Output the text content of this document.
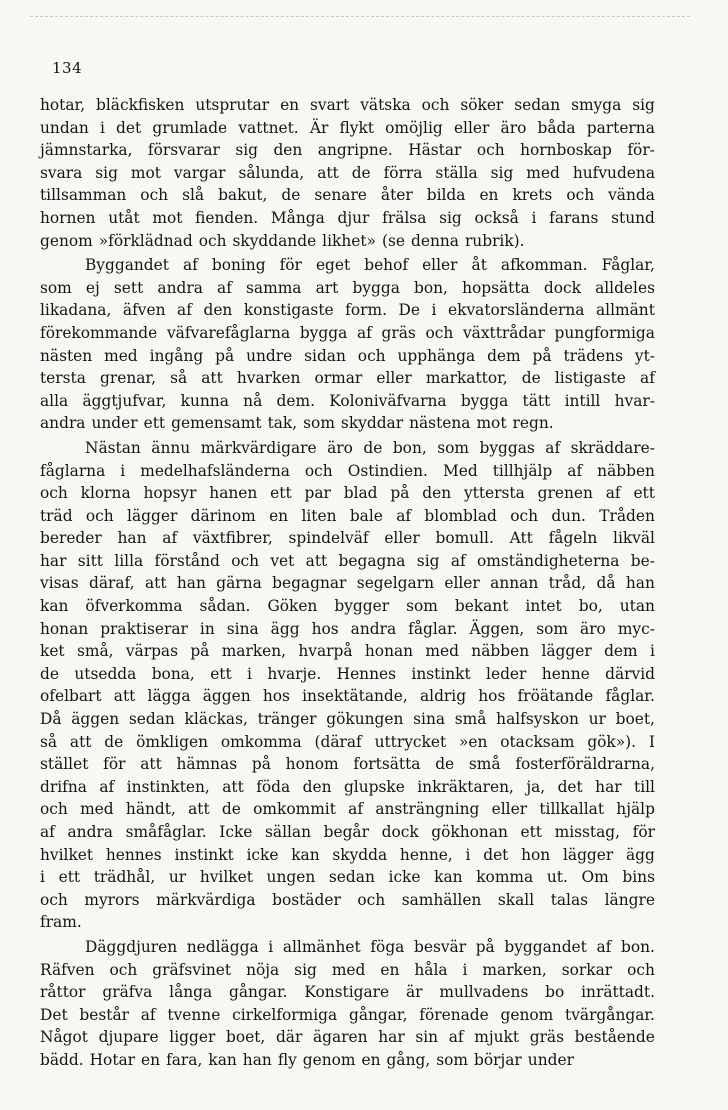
134
hotar, bläckfisken utsprutar en svart vätska och söker sedan smyga sig
undan i det grumlade vattnet. Är flykt omöjlig eller äro båda parterna
jämnstarka, försvarar sig den angripne. Hästar och hornboskap för-
svara sig mot vargar sålunda, att de förra ställa sig med hufvudena
tillsamman och slå bakut, de senare åter bilda en krets och vända
hornen utåt mot fienden. Många djur frälsa sig också i farans stund
genom »förklädnad och skyddande likhet» (se denna rubrik).
Byggandet af boning för eget behof eller åt afkomman. Fåglar,
som ej sett andra af samma art bygga bon, hopsätta dock alldeles
likadana, äfven af den konstigaste form. De i ekvatorsländerna allmänt
förekommande väfvarefåglarna bygga af gräs och växttrådar pungformiga
nästen med ingång på undre sidan och upphänga dem på trädens yt-
tersta grenar, så att hvarken ormar eller markattor, de listigaste af
alla äggtjufvar, kunna nå dem. Koloniväfvarna bygga tätt intill hvar-
andra under ett gemensamt tak, som skyddar nästena mot regn.
Nästan ännu märkvärdigare äro de bon, som byggas af skräddare-
fåglarna i medelhafsländerna och Ostindien. Med tillhjälp af näbben
och klorna hopsyr hanen ett par blad på den yttersta grenen af ett
träd och lägger därinom en liten bale af blomblad och dun. Tråden
bereder han af växtfibrer, spindelväf eller bomull. Att fågeln likväl
har sitt lilla förstånd och vet att begagna sig af omständigheterna be-
visas däraf, att han gärna begagnar segelgarn eller annan tråd, då han
kan öfverkomma sådan. Göken bygger som bekant intet bo, utan
honan praktiserar in sina ägg hos andra fåglar. Äggen, som äro myc-
ket små, värpas på marken, hvarpå honan med näbben lägger dem i
de utsedda bona, ett i hvarje. Hennes instinkt leder henne därvid
ofelbart att lägga äggen hos insektätande, aldrig hos fröätande fåglar.
Då äggen sedan kläckas, tränger gökungen sina små halfsyskon ur boet,
så att de ömkligen omkomma (däraf uttrycket »en otacksam gök»). I
stället för att hämnas på honom fortsätta de små fosterföräldrarna,
drifna af instinkten, att föda den glupske inkräktaren, ja, det har till
och med händt, att de omkommit af ansträngning eller tillkallat hjälp
af andra småfåglar. Icke sällan begår dock gökhonan ett misstag, för
hvilket hennes instinkt icke kan skydda henne, i det hon lägger ägg
i ett trädhål, ur hvilket ungen sedan icke kan komma ut. Om bins
och myrors märkvärdiga bostäder och samhällen skall talas längre
fram.
Däggdjuren nedlägga i allmänhet föga besvär på byggandet af bon.
Räfven och gräfsvinet nöja sig med en håla i marken, sorkar och
råttor gräfva långa gångar. Konstigare är mullvadens bo inrättadt.
Det består af tvenne cirkelformiga gångar, förenade genom tvärgångar.
Något djupare ligger boet, där ägaren har sin af mjukt gräs bestående
bädd. Hotar en fara, kan han fly genom en gång, som börjar under
